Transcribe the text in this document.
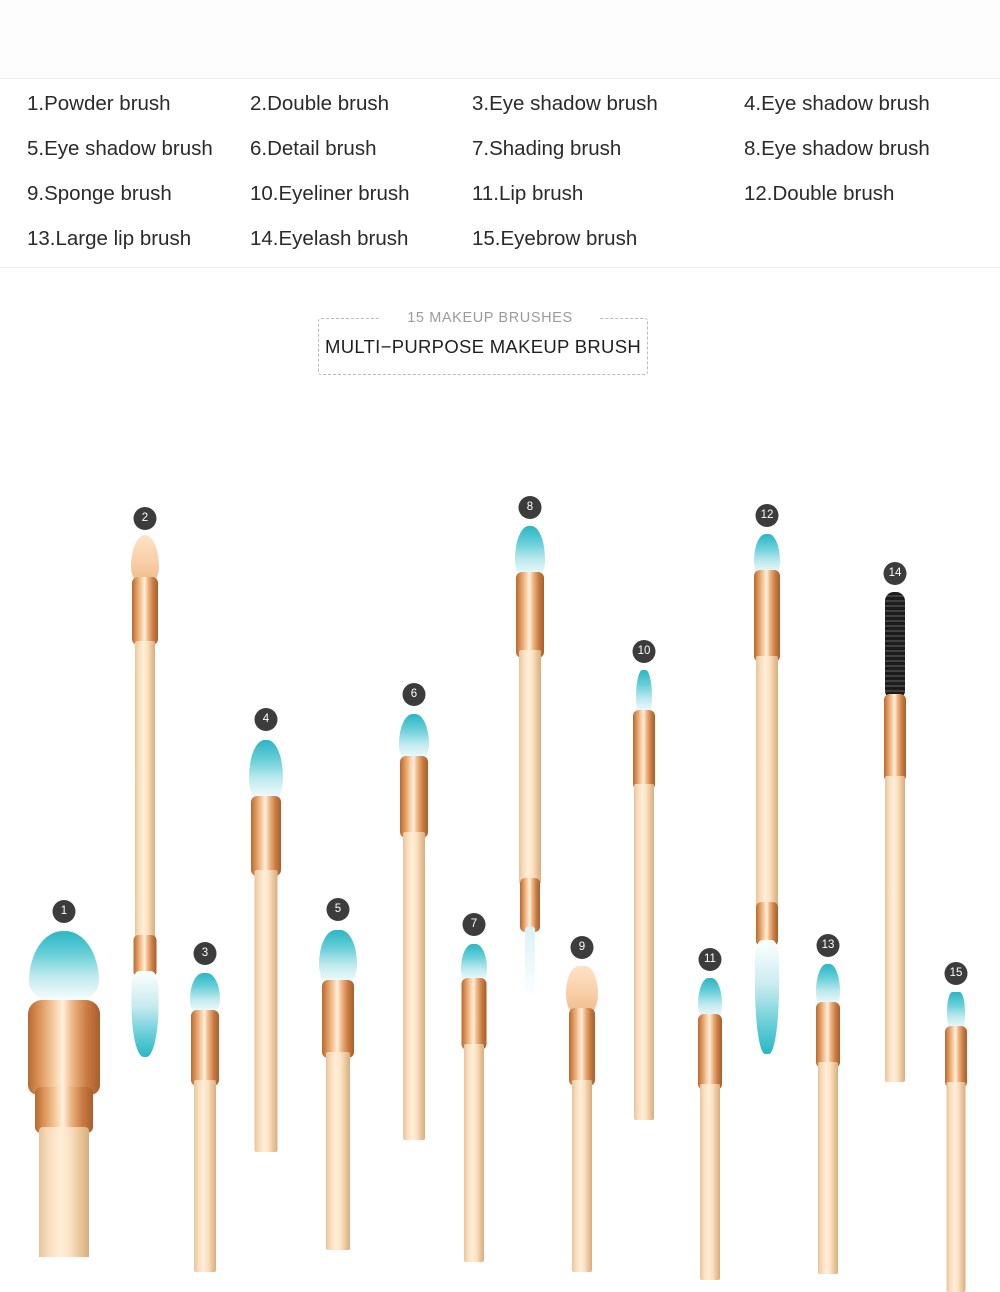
1.Powder brush	2.Double brush	3.Eye shadow brush	4.Eye shadow brush
5.Eye shadow brush	6.Detail brush	7.Shading brush	8.Eye shadow brush
9.Sponge brush	10.Eyeliner brush	11.Lip brush	12.Double brush
13.Large lip brush	14.Eyelash brush	15.Eyebrow brush
15 MAKEUP BRUSHES
MULTI−PURPOSE MAKEUP BRUSH
1
2
3
4
5
6
7
8
9
10
11
12
13
14
15
